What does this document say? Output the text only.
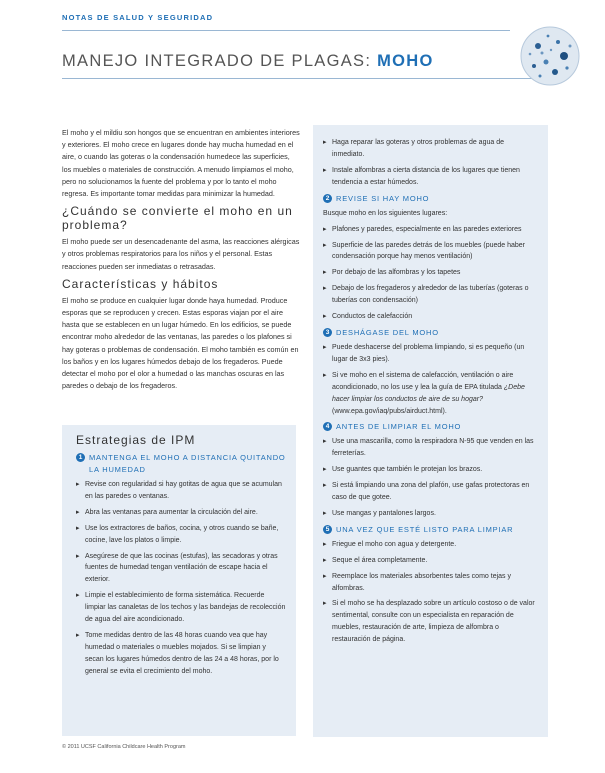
NOTAS DE SALUD Y SEGURIDAD
MANEJO INTEGRADO DE PLAGAS: MOHO

El moho y el mildiu son hongos que se encuentran en ambientes interiores y exteriores. El moho crece en lugares donde hay mucha humedad en el aire, o cuando las goteras o la condensación humedece las superficies, los muebles o materiales de construcción. A menudo limpiamos el moho, pero no solucionamos la fuente del problema y por lo tanto el moho regresa. Es importante tomar medidas para minimizar la humedad.

¿Cuándo se convierte el moho en un problema?

El moho puede ser un desencadenante del asma, las reacciones alérgicas y otros problemas respiratorios para los niños y el personal. Estas reacciones pueden ser inmediatas o retrasadas.

Características y hábitos

El moho se produce en cualquier lugar donde haya humedad. Produce esporas que se reproducen y crecen. Estas esporas viajan por el aire hasta que se establecen en un lugar húmedo. En los edificios, se puede encontrar moho alrededor de las ventanas, las paredes o los plafones si hay goteras o problemas de condensación. El moho también es común en los baños y en los lugares húmedos debajo de los fregaderos. Puede detectar el moho por el olor a humedad o las manchas oscuras en las paredes o debajo de los fregaderos.

Estrategias de IPM
1 MANTENGA EL MOHO A DISTANCIA QUITANDO LA HUMEDAD
▸ Revise con regularidad si hay gotitas de agua que se acumulan en las paredes o ventanas.
▸ Abra las ventanas para aumentar la circulación del aire.
▸ Use los extractores de baños, cocina, y otros cuando se bañe, cocine, lave los platos o limpie.
▸ Asegúrese de que las cocinas (estufas), las secadoras y otras fuentes de humedad tengan ventilación de escape hacia el exterior.
▸ Limpie el establecimiento de forma sistemática. Recuerde limpiar las canaletas de los techos y las bandejas de recolección de agua del aire acondicionado.
▸ Tome medidas dentro de las 48 horas cuando vea que hay humedad o materiales o muebles mojados. Si se limpian y secan los lugares húmedos dentro de las 24 a 48 horas, por lo general se evita el crecimiento del moho.
▸ Haga reparar las goteras y otros problemas de agua de inmediato.
▸ Instale alfombras a cierta distancia de los lugares que tienen tendencia a estar húmedos.
2 REVISE SI HAY MOHO
Busque moho en los siguientes lugares:
▸ Plafones y paredes, especialmente en las paredes exteriores
▸ Superficie de las paredes detrás de los muebles (puede haber condensación porque hay menos ventilación)
▸ Por debajo de las alfombras y los tapetes
▸ Debajo de los fregaderos y alrededor de las tuberías (goteras o tuberías con condensación)
▸ Conductos de calefacción
3 DESHÁGASE DEL MOHO
▸ Puede deshacerse del problema limpiando, si es pequeño (un lugar de 3x3 pies).
▸ Si ve moho en el sistema de calefacción, ventilación o aire acondicionado, no los use y lea la guía de EPA titulada ¿Debe hacer limpiar los conductos de aire de su hogar? (www.epa.gov/iaq/pubs/airduct.html).
4 ANTES DE LIMPIAR EL MOHO
▸ Use una mascarilla, como la respiradora N-95 que venden en las ferreterías.
▸ Use guantes que también le protejan los brazos.
▸ Si está limpiando una zona del plafón, use gafas protectoras en caso de que gotee.
▸ Use mangas y pantalones largos.
5 UNA VEZ QUE ESTÉ LISTO PARA LIMPIAR
▸ Friegue el moho con agua y detergente.
▸ Seque el área completamente.
▸ Reemplace los materiales absorbentes tales como tejas y alfombras.
▸ Si el moho se ha desplazado sobre un artículo costoso o de valor sentimental, consulte con un especialista en reparación de muebles, restauración de arte, limpieza de alfombra o restauración de página.
© 2011 UCSF California Childcare Health Program
